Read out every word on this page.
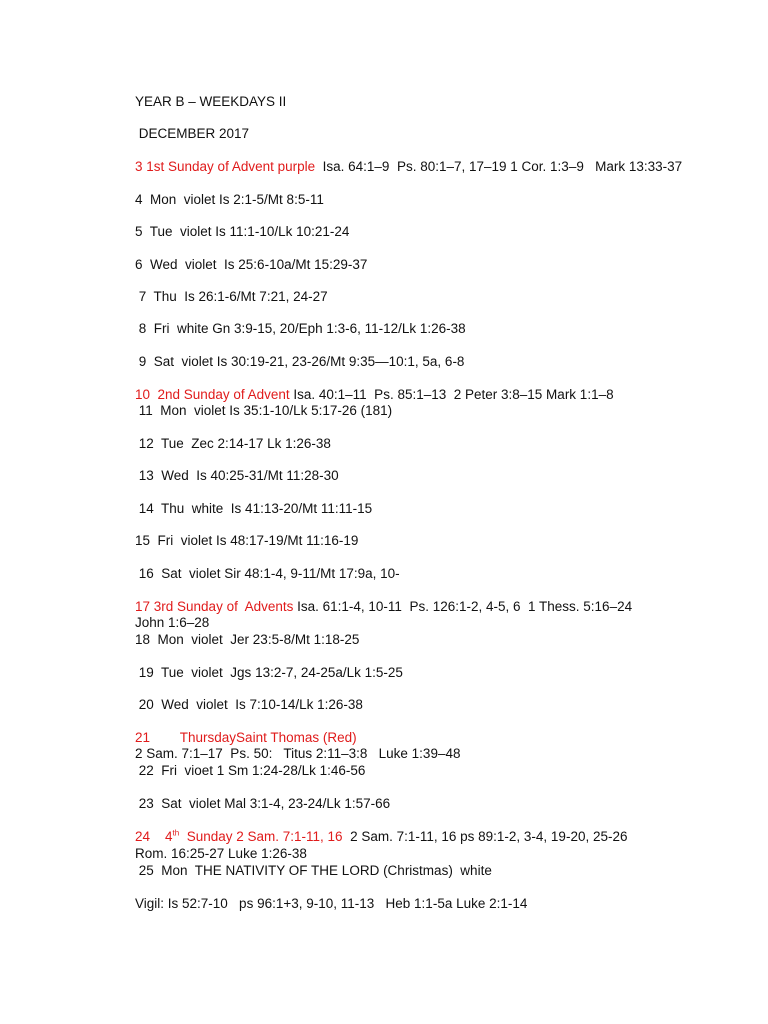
YEAR B – WEEKDAYS II
DECEMBER 2017
3 1st Sunday of Advent purple  Isa. 64:1–9  Ps. 80:1–7, 17–19 1 Cor. 1:3–9   Mark 13:33-37
4  Mon  violet Is 2:1-5/Mt 8:5-11
5  Tue  violet Is 11:1-10/Lk 10:21-24
6  Wed  violet  Is 25:6-10a/Mt 15:29-37
7  Thu  Is 26:1-6/Mt 7:21, 24-27
8  Fri  white Gn 3:9-15, 20/Eph 1:3-6, 11-12/Lk 1:26-38
9  Sat  violet Is 30:19-21, 23-26/Mt 9:35—10:1, 5a, 6-8
10  2nd Sunday of Advent Isa. 40:1–11  Ps. 85:1–13  2 Peter 3:8–15 Mark 1:1–8
11  Mon  violet Is 35:1-10/Lk 5:17-26 (181)
12  Tue  Zec 2:14-17 Lk 1:26-38
13  Wed  Is 40:25-31/Mt 11:28-30
14  Thu  white  Is 41:13-20/Mt 11:11-15
15  Fri  violet Is 48:17-19/Mt 11:16-19
16  Sat  violet Sir 48:1-4, 9-11/Mt 17:9a, 10-
17 3rd Sunday of  Advents Isa. 61:1-4, 10-11  Ps. 126:1-2, 4-5, 6  1 Thess. 5:16–24
John 1:6–28
18  Mon  violet  Jer 23:5-8/Mt 1:18-25
19  Tue  violet  Jgs 13:2-7, 24-25a/Lk 1:5-25
20  Wed  violet  Is 7:10-14/Lk 1:26-38
21        ThursdaySaint Thomas (Red)
2 Sam. 7:1–17  Ps. 50:   Titus 2:11–3:8   Luke 1:39–48
22  Fri  vioet 1 Sm 1:24-28/Lk 1:46-56
23  Sat  violet Mal 3:1-4, 23-24/Lk 1:57-66
24    4th  Sunday 2 Sam. 7:1-11, 16  2 Sam. 7:1-11, 16 ps 89:1-2, 3-4, 19-20, 25-26
Rom. 16:25-27 Luke 1:26-38
25  Mon  THE NATIVITY OF THE LORD (Christmas)  white
Vigil: Is 52:7-10   ps 96:1+3, 9-10, 11-13   Heb 1:1-5a Luke 2:1-14
